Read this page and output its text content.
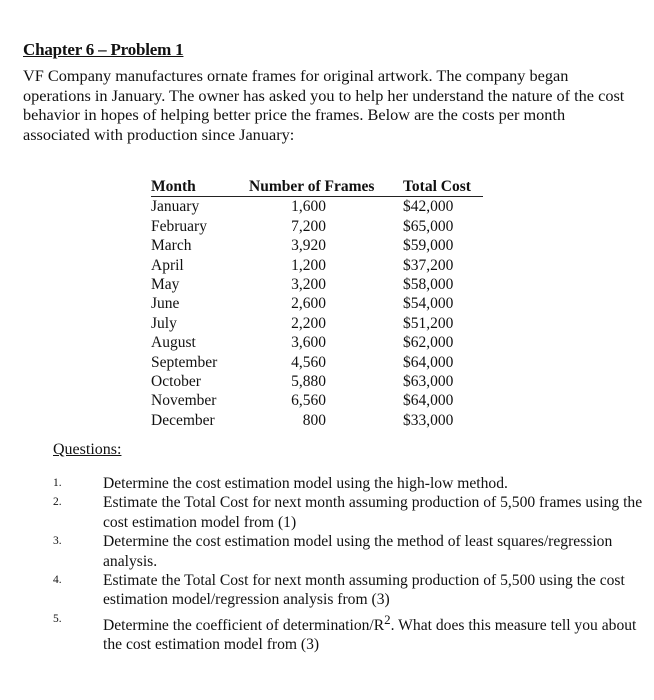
Chapter 6 – Problem 1

VF Company manufactures ornate frames for original artwork. The company began operations in January. The owner has asked you to help her understand the nature of the cost behavior in hopes of helping better price the frames. Below are the costs per month associated with production since January:

Month	Number of Frames	Total Cost
January	1,600	$42,000
February	7,200	$65,000
March	3,920	$59,000
April	1,200	$37,200
May	3,200	$58,000
June	2,600	$54,000
July	2,200	$51,200
August	3,600	$62,000
September	4,560	$64,000
October	5,880	$63,000
November	6,560	$64,000
December	800	$33,000
Questions:
1.	Determine the cost estimation model using the high-low method.
2.	Estimate the Total Cost for next month assuming production of 5,500 frames using the cost estimation model from (1)
3.	Determine the cost estimation model using the method of least squares/regression analysis.
4.	Estimate the Total Cost for next month assuming production of 5,500 using the cost estimation model/regression analysis from (3)
5.	Determine the coefficient of determination/$R^2$. What does this measure tell you about the cost estimation model from (3)
